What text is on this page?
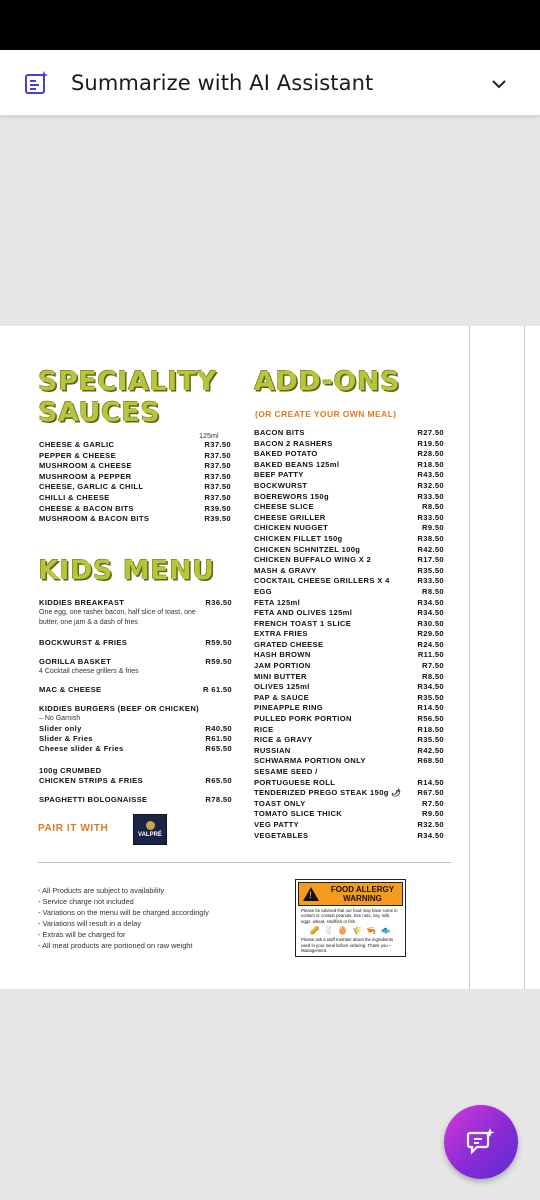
Summarize with AI Assistant
SPECIALITY
SAUCES
125ml
CHEESE & GARLIC	R37.50
PEPPER & CHEESE	R37.50
MUSHROOM & CHEESE	R37.50
MUSHROOM & PEPPER	R37.50
CHEESE, GARLIC & CHILL	R37.50
CHILLI & CHEESE	R37.50
CHEESE & BACON BITS	R39.50
MUSHROOM & BACON BITS	R39.50
KIDS MENU
KIDDIES BREAKFAST	R36.50
One egg, one rasher bacon, half slice of toast, one
butter, one jam & a dash of fries
BOCKWURST & FRIES	R59.50
GORILLA BASKET	R59.50
4 Cocktail cheese grillers & fries
MAC & CHEESE	R 61.50
KIDDIES BURGERS (BEEF OR CHICKEN)
– No Garnish
Slider only	R40.50
Slider & Fries	R61.50
Cheese slider & Fries	R65.50
100g CRUMBED
CHICKEN STRIPS & FRIES	R65.50
SPAGHETTI BOLOGNAISSE	R78.50
PAIR IT WITH
VALPRÉ
ADD-ONS
(OR CREATE YOUR OWN MEAL)
BACON BITS	R27.50
BACON 2 RASHERS	R19.50
BAKED POTATO	R28.50
BAKED BEANS 125ml	R18.50
BEEF PATTY	R43.50
BOCKWURST	R32.50
BOEREWORS 150g	R33.50
CHEESE SLICE	R8.50
CHEESE GRILLER	R33.50
CHICKEN NUGGET	R9.50
CHICKEN FILLET 150g	R38.50
CHICKEN SCHNITZEL 100g	R42.50
CHICKEN BUFFALO WING X 2	R17.50
MASH & GRAVY	R35.50
COCKTAIL CHEESE GRILLERS X 4	R33.50
EGG	R8.50
FETA 125ml	R34.50
FETA AND OLIVES 125ml	R34.50
FRENCH TOAST 1 SLICE	R30.50
EXTRA FRIES	R29.50
GRATED CHEESE	R24.50
HASH BROWN	R11.50
JAM PORTION	R7.50
MINI BUTTER	R8.50
OLIVES 125ml	R34.50
PAP & SAUCE	R35.50
PINEAPPLE RING	R14.50
PULLED PORK PORTION	R56.50
RICE	R18.50
RICE & GRAVY	R35.50
RUSSIAN	R42.50
SCHWARMA PORTION ONLY	R68.50
SESAME SEED /
PORTUGUESE ROLL	R14.50
TENDERIZED PREGO STEAK 150g 🌶 R67.50
TOAST ONLY	R7.50
TOMATO SLICE THICK	R9.50
VEG PATTY	R32.50
VEGETABLES	R34.50
- All Products are subject to availability
- Service charge not included
- Variations on the menu will be charged accordingly
- Variations will result in a delay
- Extras will be charged for
- All meat products are portioned on raw weight
!
FOOD ALLERGY
WARNING
Please be advised that our food may have come in contact or contain peanuts, tree nuts, soy, milk, eggs, wheat, shellfish or fish.
🥜 🥛 🥚 🌾 🦐 🐟
Please ask a staff member about the ingredients used in your meal before ordering. Thank you – Management.
